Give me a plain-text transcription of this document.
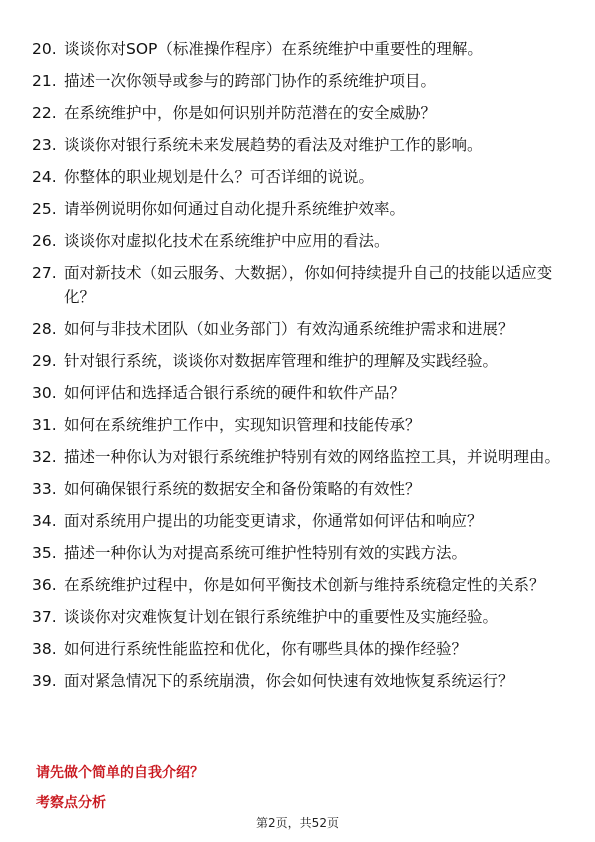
20. 谈谈你对SOP（标准操作程序）在系统维护中重要性的理解。
21. 描述一次你领导或参与的跨部门协作的系统维护项目。
22. 在系统维护中，你是如何识别并防范潜在的安全威胁？
23. 谈谈你对银行系统未来发展趋势的看法及对维护工作的影响。
24. 你整体的职业规划是什么？可否详细的说说。
25. 请举例说明你如何通过自动化提升系统维护效率。
26. 谈谈你对虚拟化技术在系统维护中应用的看法。
27. 面对新技术（如云服务、大数据），你如何持续提升自己的技能以适应变化？
28. 如何与非技术团队（如业务部门）有效沟通系统维护需求和进展？
29. 针对银行系统，谈谈你对数据库管理和维护的理解及实践经验。
30. 如何评估和选择适合银行系统的硬件和软件产品？
31. 如何在系统维护工作中，实现知识管理和技能传承？
32. 描述一种你认为对银行系统维护特别有效的网络监控工具，并说明理由。
33. 如何确保银行系统的数据安全和备份策略的有效性？
34. 面对系统用户提出的功能变更请求，你通常如何评估和响应？
35. 描述一种你认为对提高系统可维护性特别有效的实践方法。
36. 在系统维护过程中，你是如何平衡技术创新与维持系统稳定性的关系？
37. 谈谈你对灾难恢复计划在银行系统维护中的重要性及实施经验。
38. 如何进行系统性能监控和优化，你有哪些具体的操作经验？
39. 面对紧急情况下的系统崩溃，你会如何快速有效地恢复系统运行？
请先做个简单的自我介绍？
考察点分析
第2页，共52页
